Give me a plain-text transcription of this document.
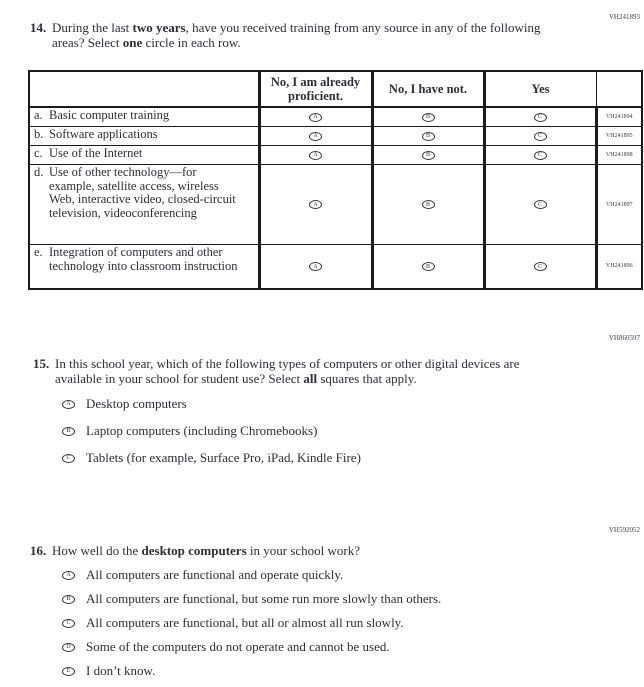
VH241893
VH860597
VH592052
14. During the last two years, have you received training from any source in any of the following areas? Select one circle in each row.
	No, I am already proficient.	No, I have not.	Yes	

a. Basic computer training	A	B	C	VH241894

b. Software applications	A	B	C	VH241895

c. Use of the Internet	A	B	C	VH241898

d. Use of other technology—for example, satellite access, wireless Web, interactive video, closed-circuit television, videoconferencing	A	B	C	VH241897

e. Integration of computers and other technology into classroom instruction	A	B	C	VH241896
15. In this school year, which of the following types of computers or other digital devices are available in your school for student use? Select all squares that apply.
A Desktop computers
B Laptop computers (including Chromebooks)
C Tablets (for example, Surface Pro, iPad, Kindle Fire)
16. How well do the desktop computers in your school work?
A All computers are functional and operate quickly.
B All computers are functional, but some run more slowly than others.
C All computers are functional, but all or almost all run slowly.
D Some of the computers do not operate and cannot be used.
E I don’t know.
